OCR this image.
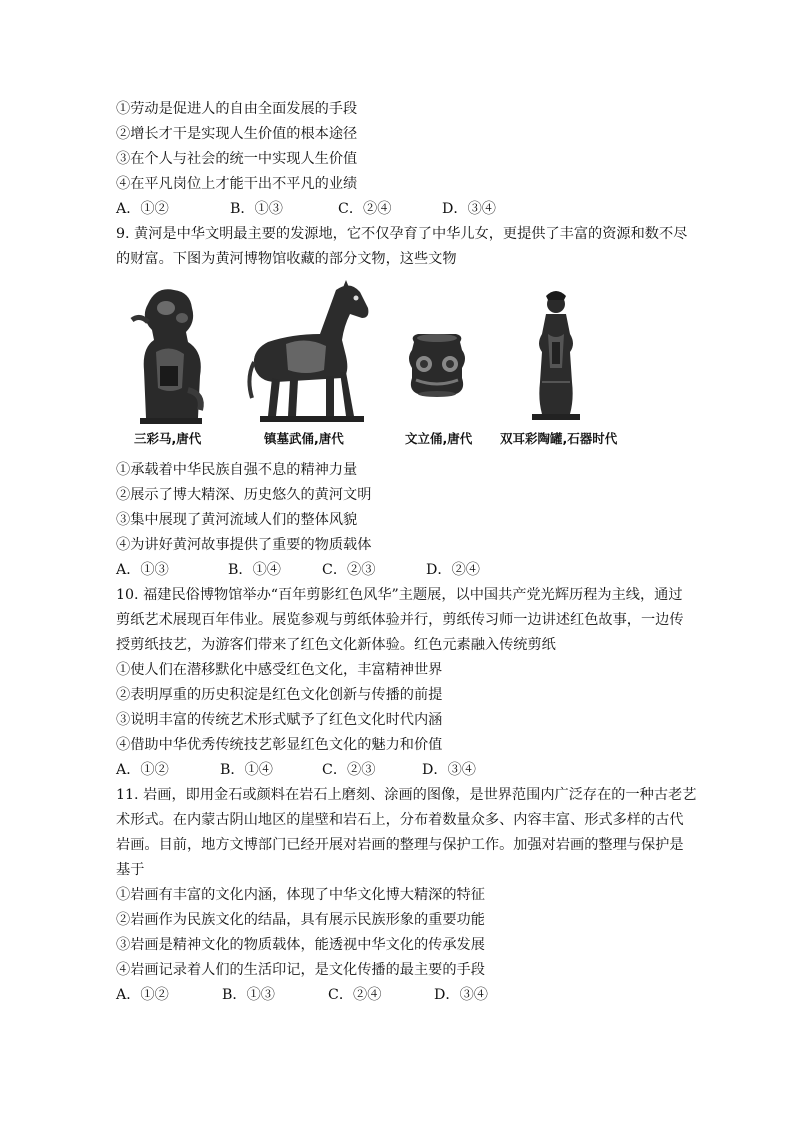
①劳动是促进人的自由全面发展的手段
②增长才干是实现人生价值的根本途径
③在个人与社会的统一中实现人生价值
④在平凡岗位上才能干出不平凡的业绩
A．①②	B．①③	C．②④	D．③④
9. 黄河是中华文明最主要的发源地，它不仅孕育了中华儿女，更提供了丰富的资源和数不尽
的财富。下图为黄河博物馆收藏的部分文物，这些文物
三彩马,唐代	镇墓武俑,唐代	文立俑,唐代 双耳彩陶罐,石器时代
①承载着中华民族自强不息的精神力量
②展示了博大精深、历史悠久的黄河文明
③集中展现了黄河流域人们的整体风貌
④为讲好黄河故事提供了重要的物质载体
A．①③	B．①④	C．②③	D．②④
10. 福建民俗博物馆举办“百年剪影红色风华”主题展，以中国共产党光辉历程为主线，通过
剪纸艺术展现百年伟业。展览参观与剪纸体验并行，剪纸传习师一边讲述红色故事，一边传
授剪纸技艺，为游客们带来了红色文化新体验。红色元素融入传统剪纸
①使人们在潜移默化中感受红色文化，丰富精神世界
②表明厚重的历史积淀是红色文化创新与传播的前提
③说明丰富的传统艺术形式赋予了红色文化时代内涵
④借助中华优秀传统技艺彰显红色文化的魅力和价值
A．①②	B．①④	C．②③	D．③④
11. 岩画，即用金石或颜料在岩石上磨刻、涂画的图像，是世界范围内广泛存在的一种古老艺
术形式。在内蒙古阴山地区的崖壁和岩石上，分布着数量众多、内容丰富、形式多样的古代
岩画。目前，地方文博部门已经开展对岩画的整理与保护工作。加强对岩画的整理与保护是
基于
①岩画有丰富的文化内涵，体现了中华文化博大精深的特征
②岩画作为民族文化的结晶，具有展示民族形象的重要功能
③岩画是精神文化的物质载体，能透视中华文化的传承发展
④岩画记录着人们的生活印记，是文化传播的最主要的手段
A．①②	B．①③	C．②④	D．③④
